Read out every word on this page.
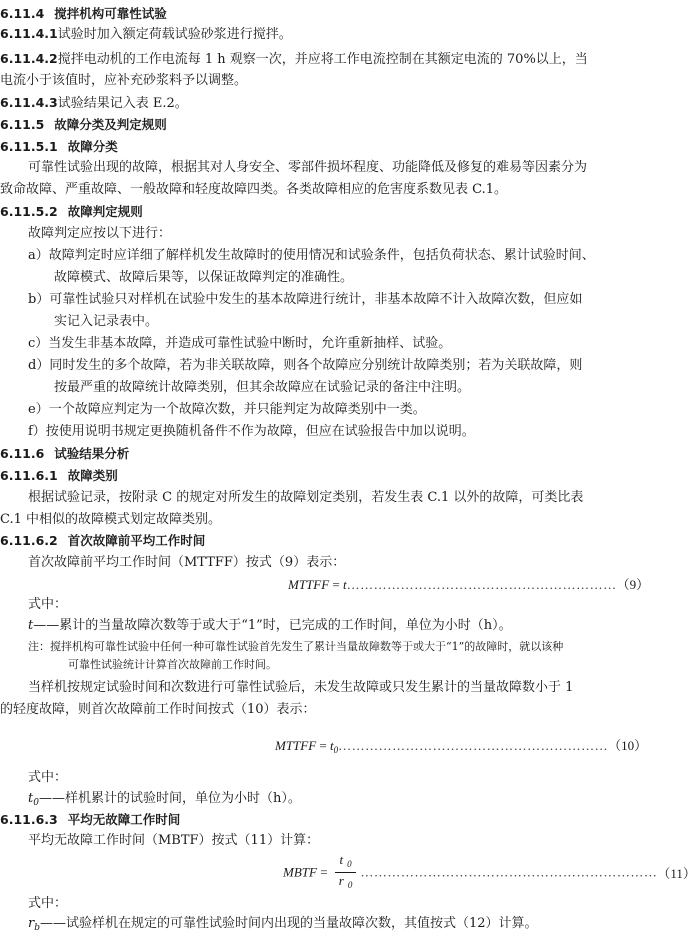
6.11.4 搅拌机构可靠性试验
6.11.4.1试验时加入额定荷载试验砂浆进行搅拌。
6.11.4.2搅拌电动机的工作电流每 1 h 观察一次，并应将工作电流控制在其额定电流的 70%以上，当
电流小于该值时，应补充砂浆料予以调整。
6.11.4.3试验结果记入表 E.2。
6.11.5 故障分类及判定规则
6.11.5.1 故障分类
可靠性试验出现的故障，根据其对人身安全、零部件损坏程度、功能降低及修复的难易等因素分为
致命故障、严重故障、一般故障和轻度故障四类。各类故障相应的危害度系数见表 C.1。
6.11.5.2 故障判定规则
故障判定应按以下进行：
a）故障判定时应详细了解样机发生故障时的使用情况和试验条件，包括负荷状态、累计试验时间、
故障模式、故障后果等，以保证故障判定的准确性。
b）可靠性试验只对样机在试验中发生的基本故障进行统计，非基本故障不计入故障次数，但应如
实记入记录表中。
c）当发生非基本故障，并造成可靠性试验中断时，允许重新抽样、试验。
d）同时发生的多个故障，若为非关联故障，则各个故障应分别统计故障类别；若为关联故障，则
按最严重的故障统计故障类别，但其余故障应在试验记录的备注中注明。
e）一个故障应判定为一个故障次数，并只能判定为故障类别中一类。
f）按使用说明书规定更换随机备件不作为故障，但应在试验报告中加以说明。
6.11.6 试验结果分析
6.11.6.1 故障类别
根据试验记录，按附录 C 的规定对所发生的故障划定类别，若发生表 C.1 以外的故障，可类比表
C.1 中相似的故障模式划定故障类别。
6.11.6.2 首次故障前平均工作时间
首次故障前平均工作时间（MTTFF）按式（9）表示：
MTTFF = t……………………………………………………（9）
式中：
t——累计的当量故障次数等于或大于“1”时，已完成的工作时间，单位为小时（h）。
注：搅拌机构可靠性试验中任何一种可靠性试验首先发生了累计当量故障数等于或大于“1”的故障时，就以该种
可靠性试验统计计算首次故障前工作时间。
当样机按规定试验时间和次数进行可靠性试验后，未发生故障或只发生累计的当量故障数小于 1
的轻度故障，则首次故障前工作时间按式（10）表示：
MTTFF = $t_0\dots\dots\dots\dots\dots\dots\dots\dots\dots\dots\dots\dots\dots\dots\dots\dots\dots\dots\dots\dots(10)$
式中：
$t_0——$样机累计的试验时间，单位为小时（h）。
6.11.6.3 平均无故障工作时间
平均无故障工作时间（MBTF）按式（11）计算：
MBTF = $\frac{t _0}{r _0}$ …………………………………………………………（11）
式中：
$r_b——$试验样机在规定的可靠性试验时间内出现的当量故障次数，其值按式（12）计算。
